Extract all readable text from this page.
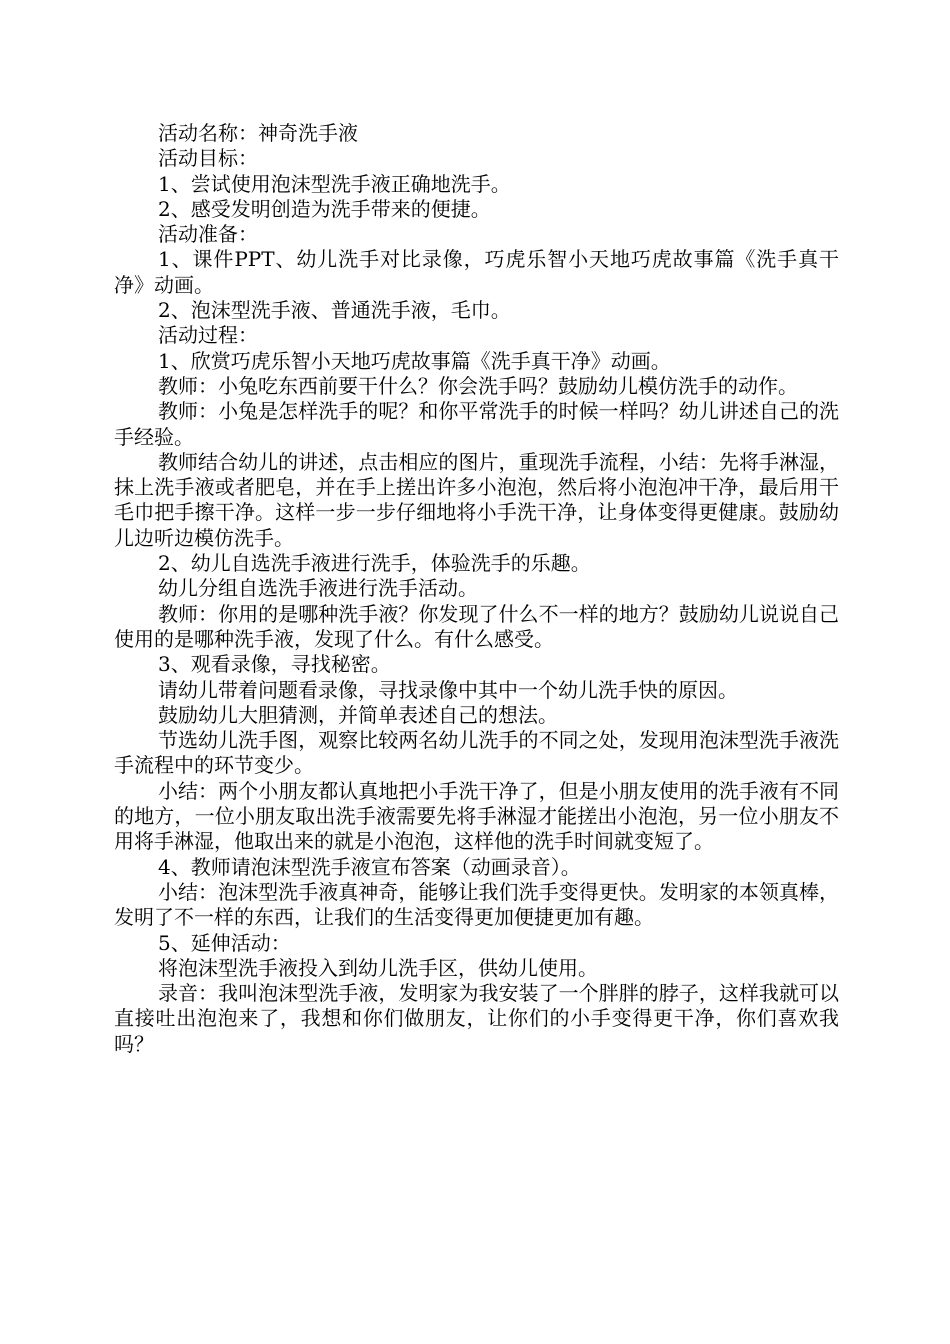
活动名称：神奇洗手液

活动目标：

1、尝试使用泡沫型洗手液正确地洗手。

2、感受发明创造为洗手带来的便捷。

活动准备：

1、课件PPT、幼儿洗手对比录像，巧虎乐智小天地巧虎故事篇《洗手真干净》动画。

2、泡沫型洗手液、普通洗手液，毛巾。

活动过程：

1、欣赏巧虎乐智小天地巧虎故事篇《洗手真干净》动画。

教师：小兔吃东西前要干什么？你会洗手吗？鼓励幼儿模仿洗手的动作。

教师：小兔是怎样洗手的呢？和你平常洗手的时候一样吗？幼儿讲述自己的洗手经验。

教师结合幼儿的讲述，点击相应的图片，重现洗手流程，小结：先将手淋湿，抹上洗手液或者肥皂，并在手上搓出许多小泡泡，然后将小泡泡冲干净，最后用干毛巾把手擦干净。这样一步一步仔细地将小手洗干净，让身体变得更健康。鼓励幼儿边听边模仿洗手。

2、幼儿自选洗手液进行洗手，体验洗手的乐趣。

幼儿分组自选洗手液进行洗手活动。

教师：你用的是哪种洗手液？你发现了什么不一样的地方？鼓励幼儿说说自己使用的是哪种洗手液，发现了什么。有什么感受。

3、观看录像，寻找秘密。

请幼儿带着问题看录像，寻找录像中其中一个幼儿洗手快的原因。

鼓励幼儿大胆猜测，并简单表述自己的想法。

节选幼儿洗手图，观察比较两名幼儿洗手的不同之处，发现用泡沫型洗手液洗手流程中的环节变少。

小结：两个小朋友都认真地把小手洗干净了，但是小朋友使用的洗手液有不同的地方，一位小朋友取出洗手液需要先将手淋湿才能搓出小泡泡，另一位小朋友不用将手淋湿，他取出来的就是小泡泡，这样他的洗手时间就变短了。

4、教师请泡沫型洗手液宣布答案（动画录音）。

小结：泡沫型洗手液真神奇，能够让我们洗手变得更快。发明家的本领真棒，发明了不一样的东西，让我们的生活变得更加便捷更加有趣。

5、延伸活动：

将泡沫型洗手液投入到幼儿洗手区，供幼儿使用。

录音：我叫泡沫型洗手液，发明家为我安装了一个胖胖的脖子，这样我就可以直接吐出泡泡来了，我想和你们做朋友，让你们的小手变得更干净，你们喜欢我吗？
